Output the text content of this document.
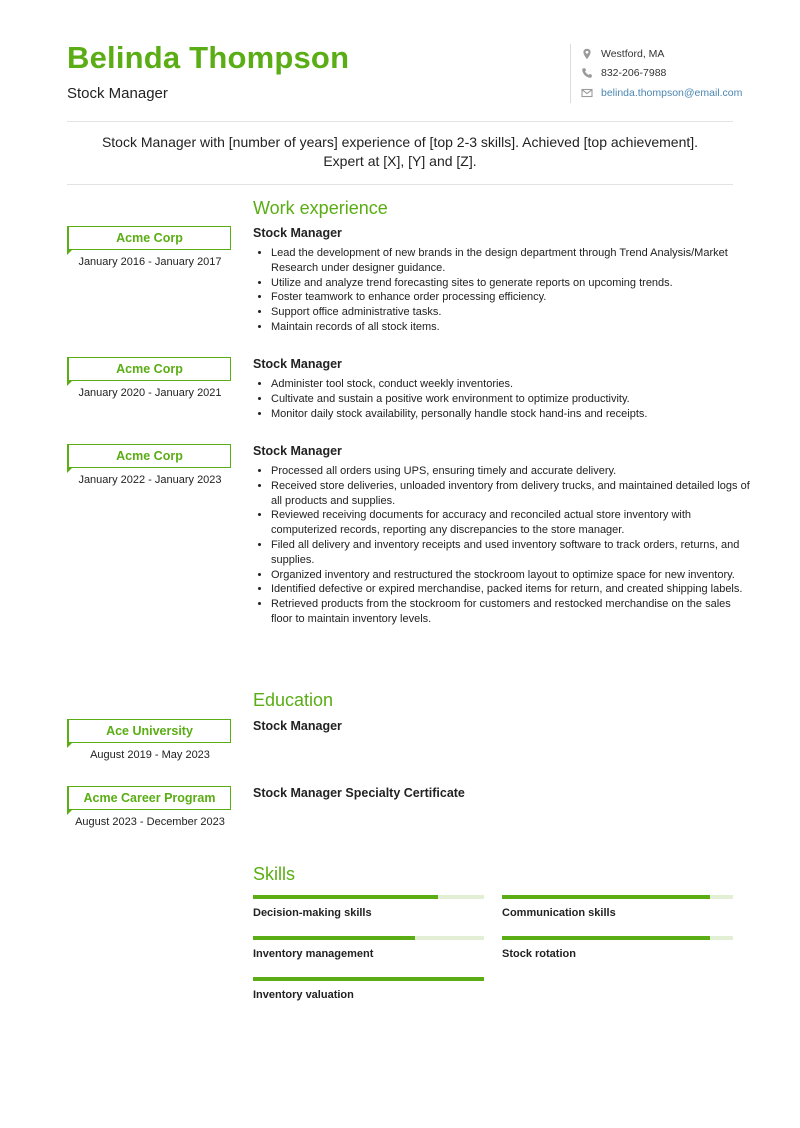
Belinda Thompson
Stock Manager
Westford, MA
832-206-7988
belinda.thompson@email.com

Stock Manager with [number of years] experience of [top 2-3 skills]. Achieved [top achievement]. Expert at [X], [Y] and [Z].

Work experience
Acme Corp
January 2016 - January 2017
Stock Manager
• Lead the development of new brands in the design department through Trend Analysis/Market Research under designer guidance.
• Utilize and analyze trend forecasting sites to generate reports on upcoming trends.
• Foster teamwork to enhance order processing efficiency.
• Support office administrative tasks.
• Maintain records of all stock items.
Acme Corp
January 2020 - January 2021
Stock Manager
• Administer tool stock, conduct weekly inventories.
• Cultivate and sustain a positive work environment to optimize productivity.
• Monitor daily stock availability, personally handle stock hand-ins and receipts.
Acme Corp
January 2022 - January 2023
Stock Manager
• Processed all orders using UPS, ensuring timely and accurate delivery.
• Received store deliveries, unloaded inventory from delivery trucks, and maintained detailed logs of all products and supplies.
• Reviewed receiving documents for accuracy and reconciled actual store inventory with computerized records, reporting any discrepancies to the store manager.
• Filed all delivery and inventory receipts and used inventory software to track orders, returns, and supplies.
• Organized inventory and restructured the stockroom layout to optimize space for new inventory.
• Identified defective or expired merchandise, packed items for return, and created shipping labels.
• Retrieved products from the stockroom for customers and restocked merchandise on the sales floor to maintain inventory levels.
Education
Ace University
August 2019 - May 2023
Stock Manager
Acme Career Program
August 2023 - December 2023
Stock Manager Specialty Certificate
Skills
Decision-making skills	Communication skills
Inventory management	Stock rotation
Inventory valuation
